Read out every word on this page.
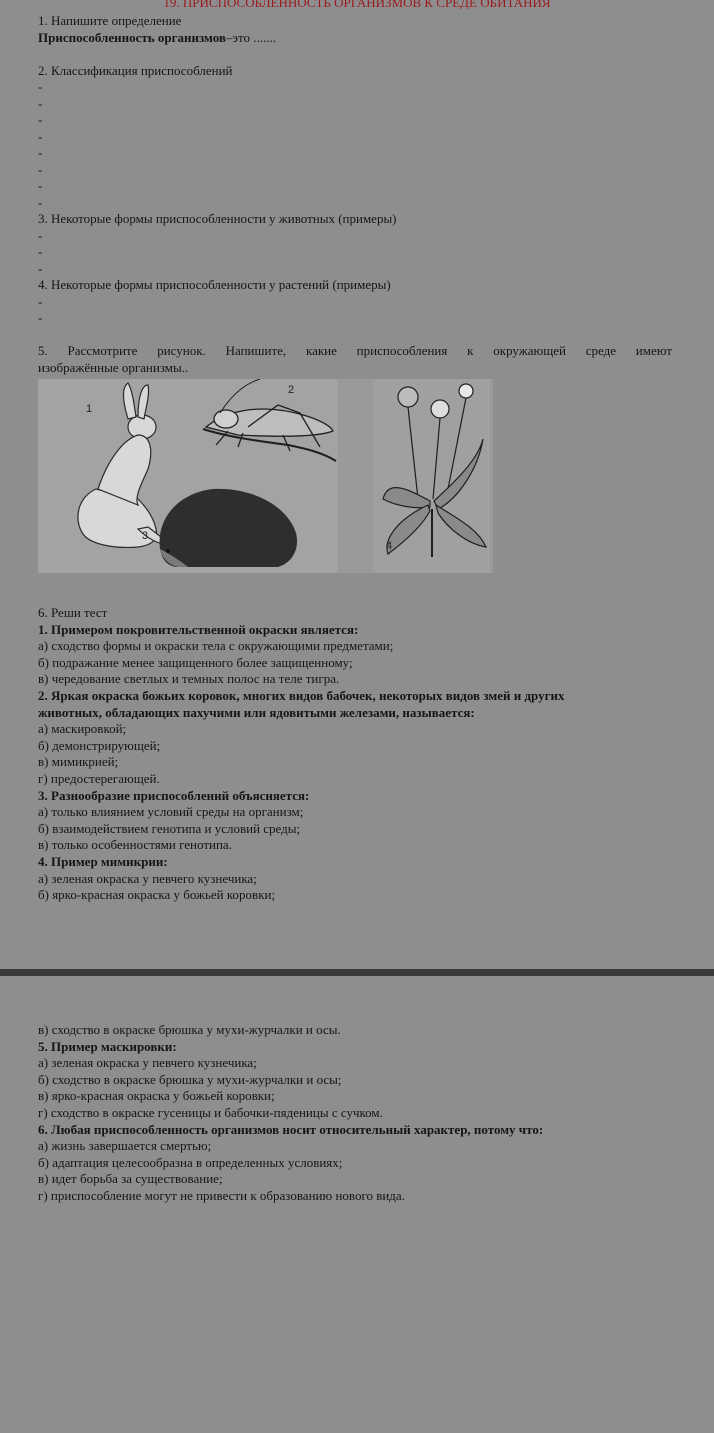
19. ПРИСПОСОБЛЕННОСТЬ ОРГАНИЗМОВ К СРЕДЕ ОБИТАНИЯ
1. Напишите определение
Приспособленность организмов–это .......
2. Классификация приспособлений
-
-
-
-
-
-
-
-
3. Некоторые формы приспособленности у животных (примеры)
-
-
-
4. Некоторые формы приспособленности у растений (примеры)
-
-
5. Рассмотрите рисунок. Напишите, какие приспособления к окружающей среде имеют
изображённые организмы..
1
2
3
4
6. Реши тест
1. Примером покровительственной окраски является:
а) сходство формы и окраски тела с окружающими предметами;
б) подражание менее защищенного более защищенному;
в) чередование светлых и темных полос на теле тигра.
2. Яркая окраска божьих коровок, многих видов бабочек, некоторых видов змей и других
животных, обладающих пахучими или ядовитыми железами, называется:
а) маскировкой;
б) демонстрирующей;
в) мимикрией;
г) предостерегающей.
3. Разнообразие приспособлений объясняется:
а) только влиянием условий среды на организм;
б) взаимодействием генотипа и условий среды;
в) только особенностями генотипа.
4. Пример мимикрии:
а) зеленая окраска у певчего кузнечика;
б) ярко-красная окраска у божьей коровки;
в) сходство в окраске брюшка у мухи-журчалки и осы.
5. Пример маскировки:
а) зеленая окраска у певчего кузнечика;
б) сходство в окраске брюшка у мухи-журчалки и осы;
в) ярко-красная окраска у божьей коровки;
г) сходство в окраске гусеницы и бабочки-пяденицы с сучком.
6. Любая приспособленность организмов носит относительный характер, потому что:
а) жизнь завершается смертью;
б) адаптация целесообразна в определенных условиях;
в) идет борьба за существование;
г) приспособление могут не привести к образованию нового вида.
